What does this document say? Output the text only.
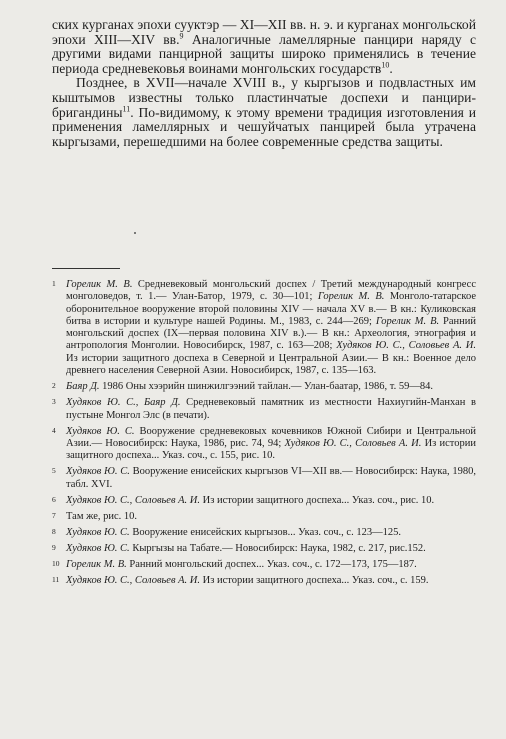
ских курганах эпохи сууктэр — XI—XII вв. н. э. и курганах монгольской эпохи XIII—XIV вв.$^9$ Аналогичные ламеллярные панцири наряду с другими видами панцирной защиты широко применялись в течение периода средневековья воинами монгольских государств$^{10}$.

Позднее, в XVII—начале XVIII в., у кыргызов и подвластных им кыштымов известны только пластинчатые доспехи и панцири-бригандины$^{11}$. По-видимому, к этому времени традиция изготовления и применения ламеллярных и чешуйчатых панцирей была утрачена кыргызами, перешедшими на более современные средства защиты.

1 Горелик М. В. Средневековый монгольский доспех / Третий международный конгресс монголоведов, т. 1.— Улан-Батор, 1979, с. 30—101; Горелик М. В. Монголо-татарское оборонительное вооружение второй половины XIV — начала XV в.— В кн.: Куликовская битва в истории и культуре нашей Родины. М., 1983, с. 244—269; Горелик М. В. Ранний монгольский доспех (IX—первая половина XIV в.).— В кн.: Археология, этнография и антропология Монголии. Новосибирск, 1987, с. 163—208; Худяков Ю. С., Соловьев А. И. Из истории защитного доспеха в Северной и Центральной Азии.— В кн.: Военное дело древнего населения Северной Азии. Новосибирск, 1987, с. 135—163.
2 Баяр Д. 1986 Оны хээрийн шинжилгээний тайлан.— Улан-баатар, 1986, т. 59—84.
3 Худяков Ю. С., Баяр Д. Средневековый памятник из местности Нахиугийн-Манхан в пустыне Монгол Элс (в печати).
4 Худяков Ю. С. Вооружение средневековых кочевников Южной Сибири и Центральной Азии.— Новосибирск: Наука, 1986, рис. 74, 94; Худяков Ю. С., Соловьев А. И. Из истории защитного доспеха... Указ. соч., с. 155, рис. 10.
5 Худяков Ю. С. Вооружение енисейских кыргызов VI—XII вв.— Новосибирск: Наука, 1980, табл. XVI.
6 Худяков Ю. С., Соловьев А. И. Из истории защитного доспеха... Указ. соч., рис. 10.
7 Там же, рис. 10.
8 Худяков Ю. С. Вооружение енисейских кыргызов... Указ. соч., с. 123—125.
9 Худяков Ю. С. Кыргызы на Табате.— Новосибирск: Наука, 1982, с. 217, рис.152.
10 Горелик М. В. Ранний монгольский доспех... Указ. соч., с. 172—173, 175—187.
11 Худяков Ю. С., Соловьев А. И. Из истории защитного доспеха... Указ. соч., с. 159.
